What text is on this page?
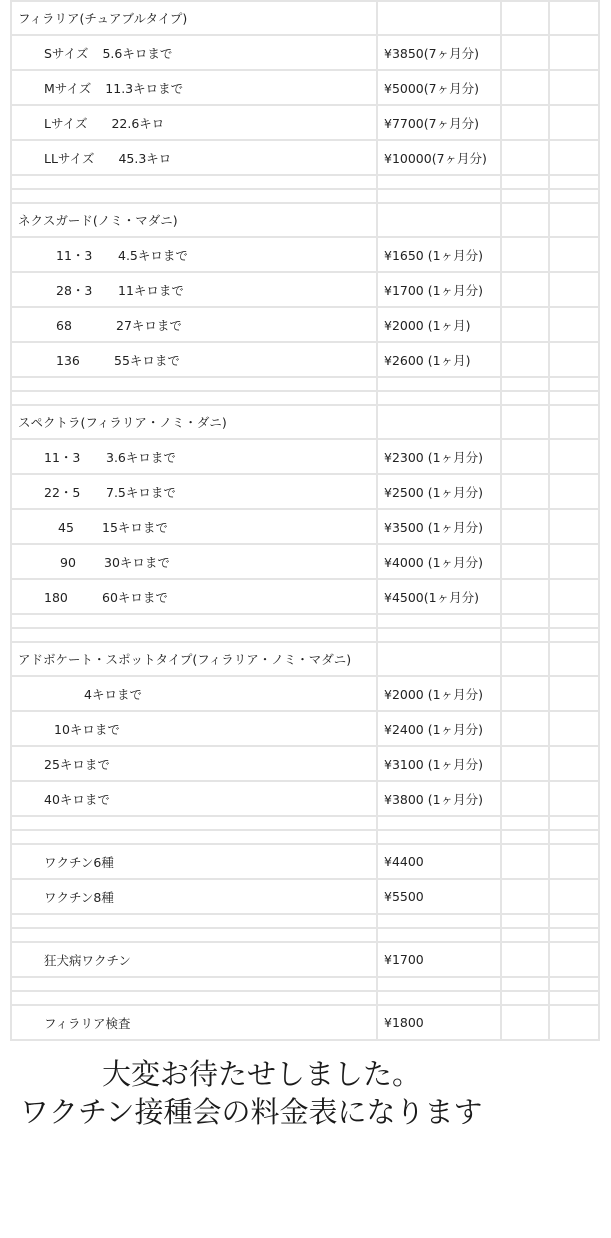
フィラリア(チュアブルタイプ)			
Sサイズ 5.6キロまで	¥3850(7ヶ月分)		
Mサイズ 11.3キロまで	¥5000(7ヶ月分)		
Lサイズ 22.6キロ	¥7700(7ヶ月分)		
LLサイズ 45.3キロ	¥10000(7ヶ月分)		

ネクスガード(ノミ・マダニ)			
11・3 4.5キロまで	¥1650 (1ヶ月分)		
28・3 11キロまで	¥1700 (1ヶ月分)		
68 27キロまで	¥2000 (1ヶ月)		
136 55キロまで	¥2600 (1ヶ月)		

スペクトラ(フィラリア・ノミ・ダニ)			
11・3 3.6キロまで	¥2300 (1ヶ月分)		
22・5 7.5キロまで	¥2500 (1ヶ月分)		
45 15キロまで	¥3500 (1ヶ月分)		
90 30キロまで	¥4000 (1ヶ月分)		
180 60キロまで	¥4500(1ヶ月分)		

アドボケート・スポットタイプ(フィラリア・ノミ・マダニ)			
4キロまで	¥2000 (1ヶ月分)		
10キロまで	¥2400 (1ヶ月分)		
25キロまで	¥3100 (1ヶ月分)		
40キロまで	¥3800 (1ヶ月分)		

ワクチン6種	¥4400		
ワクチン8種	¥5500		

狂犬病ワクチン	¥1700		

フィラリア検査	¥1800		
大変お待たせしました。
ワクチン接種会の料金表になります
